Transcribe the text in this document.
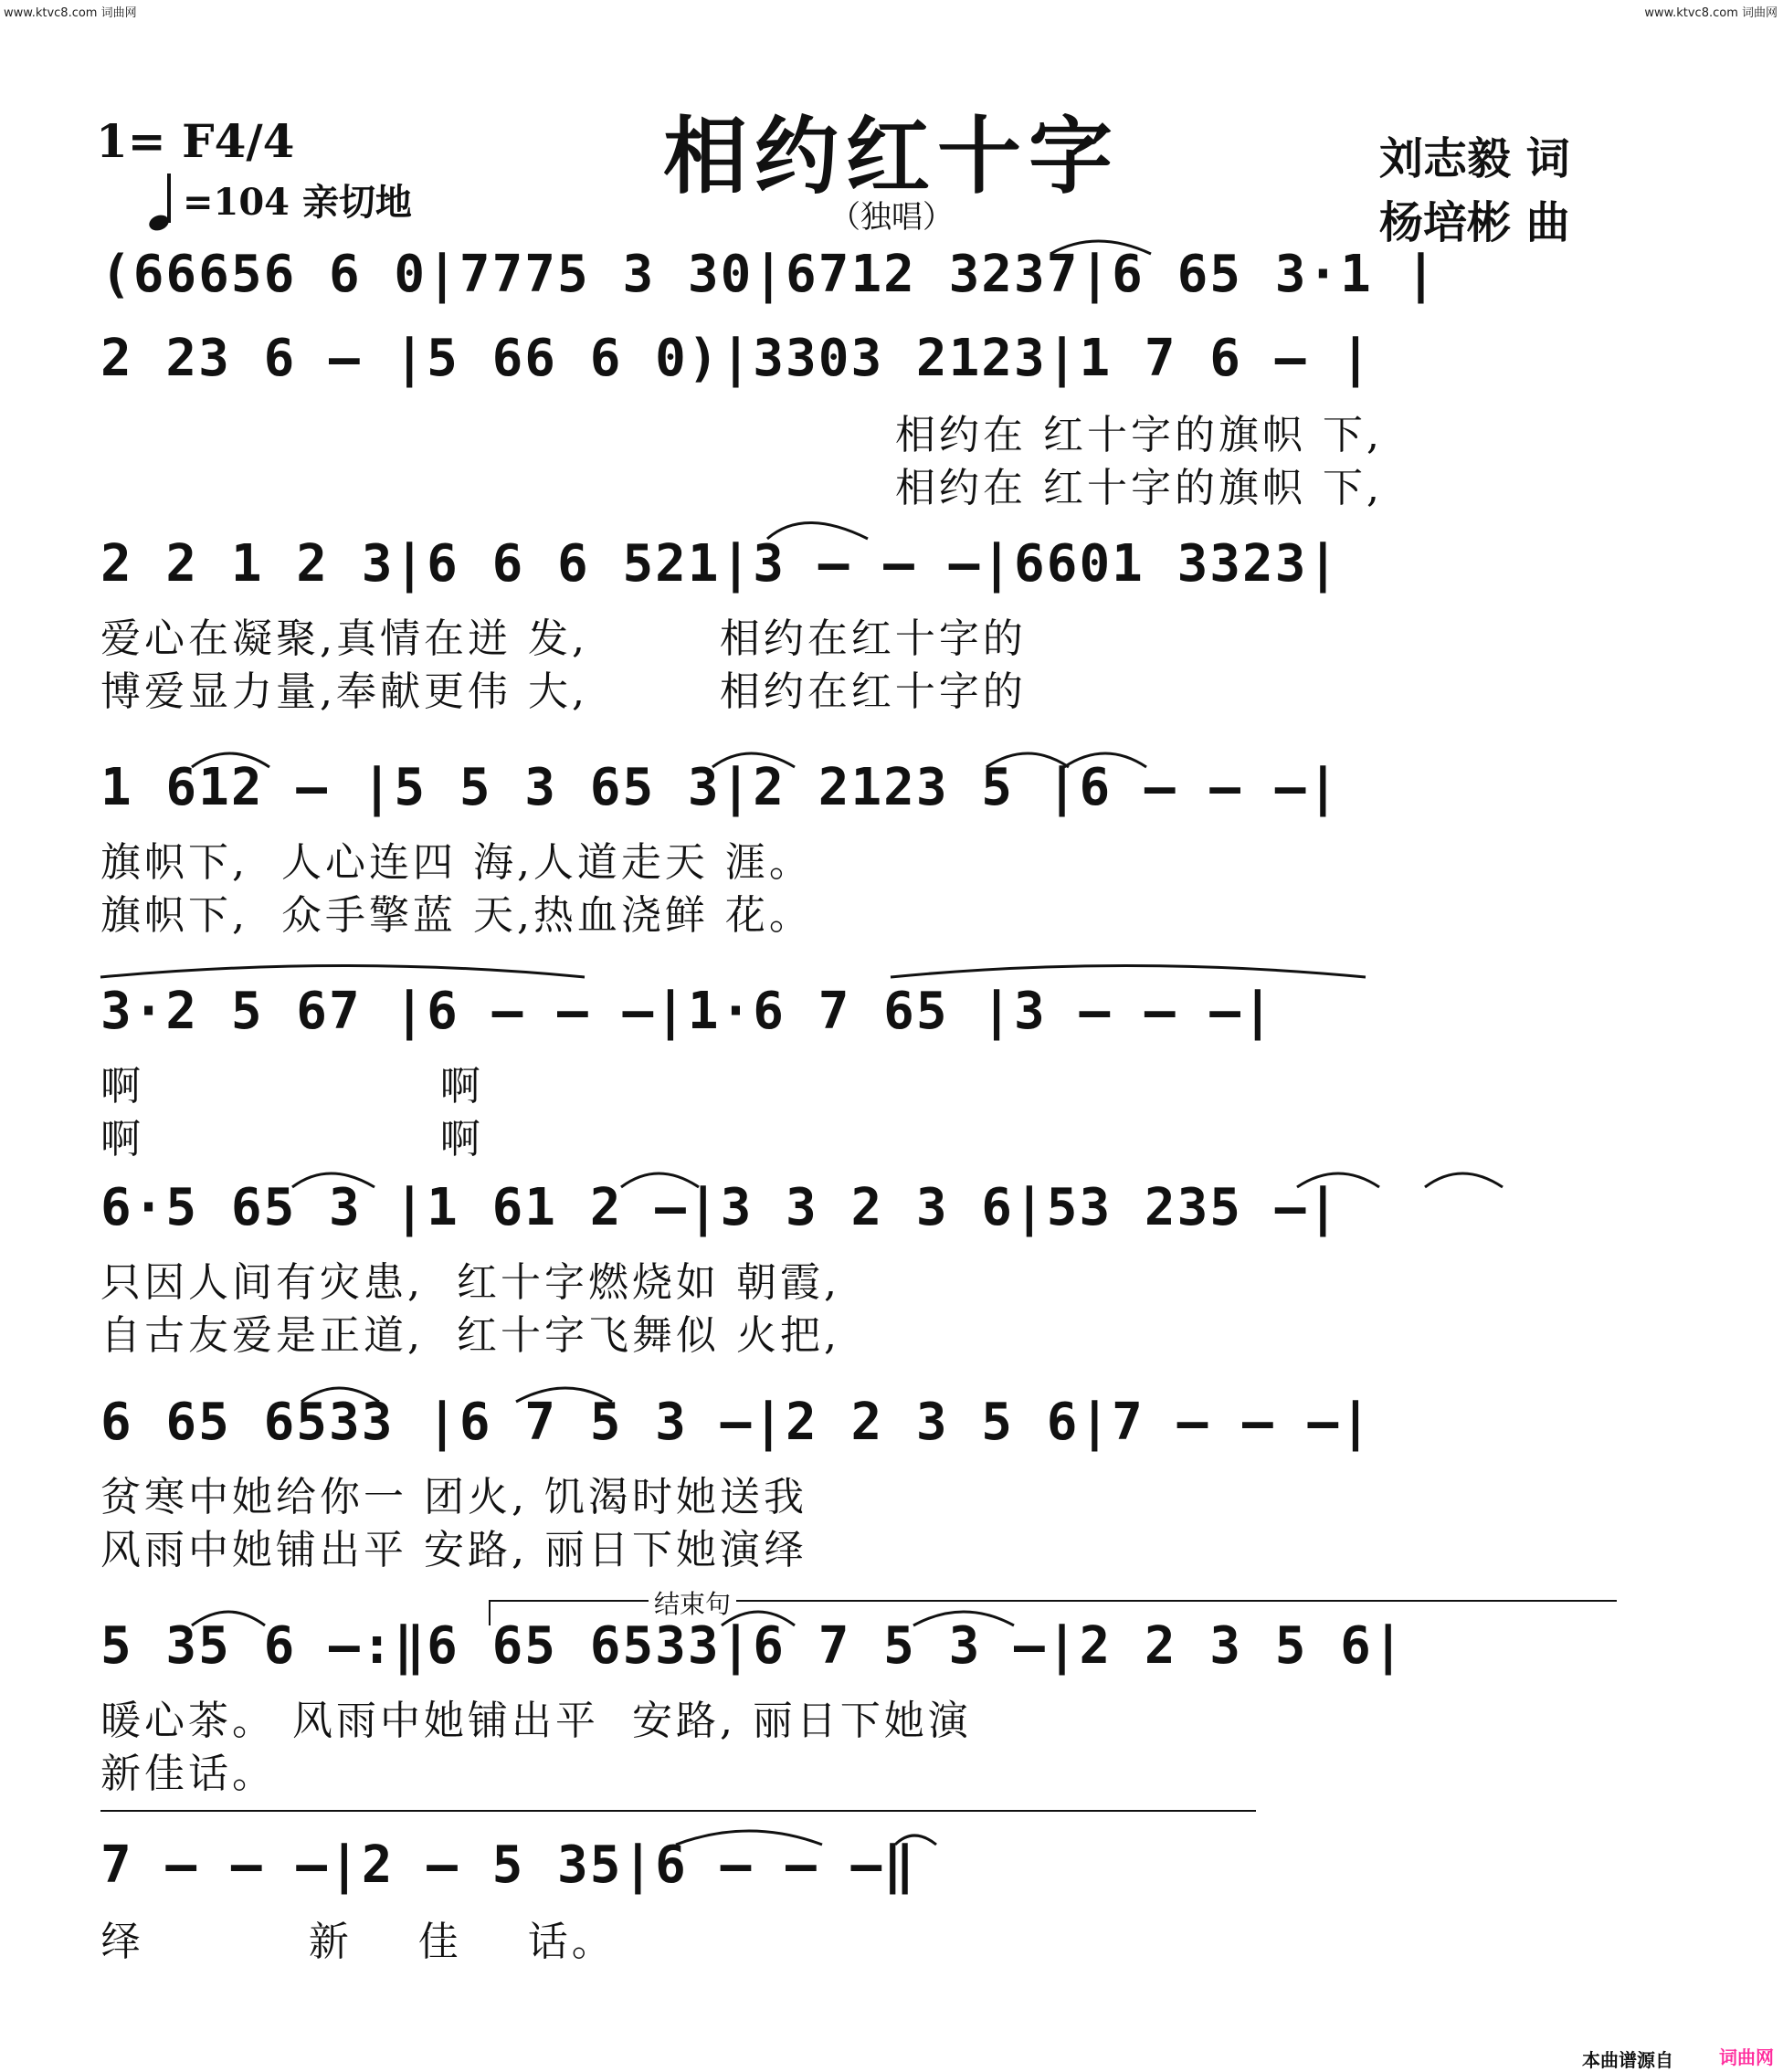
www.ktvc8.com 词曲网	www.ktvc8.com 词曲网
相约红十字
（独唱）
1= F4/4
=104 亲切地
刘志毅 词
杨培彬 曲
(66656 6 0|7775 3 30|6712 3237|6 65 3·1 |
2 23 6 — |5 66 6 0)|3303 2123|1 7 6 — |
相约在 红十字的旗帜 下,
相约在 红十字的旗帜 下,
2 2 1 2 3|6 6 6 521|3 — — —|6601 3323|
爱心在凝聚,真情在迸 发,        相约在红十字的
博爱显力量,奉献更伟 大,        相约在红十字的
1 612 — |5 5 3 65 3|2 2123 5 |6 — — —|
旗帜下,  人心连四 海,人道走天 涯。
旗帜下,  众手擎蓝 天,热血浇鲜 花。
3·2 5 67 |6 — — —|1·6 7 65 |3 — — —|
啊                  啊
啊                  啊
6·5 65 3 |1 61 2 —|3 3 2 3 6|53 235 —|
只因人间有灾患,  红十字燃烧如 朝霞,
自古友爱是正道,  红十字飞舞似 火把,
6 65 6533 |6 7 5 3 —|2 2 3 5 6|7 — — —|
贫寒中她给你一 团火, 饥渴时她送我
风雨中她铺出平 安路, 丽日下她演绎
结束句
5 35 6 —:‖6 65 6533|6 7 5 3 —|2 2 3 5 6|
暖心茶。 风雨中她铺出平  安路, 丽日下她演
新佳话。
7 — — —|2 — 5 35|6 — — —‖
绎          新    佳    话。
本曲谱源自	词曲网
